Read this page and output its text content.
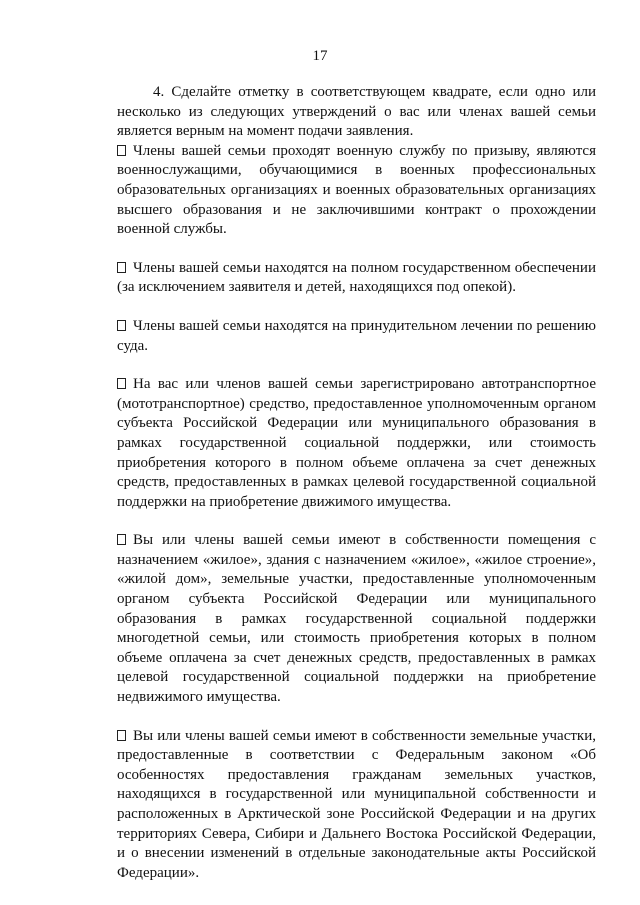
17

4. Сделайте отметку в соответствующем квадрате, если одно или несколько из следующих утверждений о вас или членах вашей семьи является верным на момент подачи заявления.

Члены вашей семьи проходят военную службу по призыву, являются военнослужащими, обучающимися в военных профессиональных образовательных организациях и военных образовательных организациях высшего образования и не заключившими контракт о прохождении военной службы.

Члены вашей семьи находятся на полном государственном обеспечении (за исключением заявителя и детей, находящихся под опекой).

Члены вашей семьи находятся на принудительном лечении по решению суда.

На вас или членов вашей семьи зарегистрировано автотранспортное (мототранспортное) средство, предоставленное уполномоченным органом субъекта Российской Федерации или муниципального образования в рамках государственной социальной поддержки, или стоимость приобретения которого в полном объеме оплачена за счет денежных средств, предоставленных в рамках целевой государственной социальной поддержки на приобретение движимого имущества.

Вы или члены вашей семьи имеют в собственности помещения с назначением «жилое», здания с назначением «жилое», «жилое строение», «жилой дом», земельные участки, предоставленные уполномоченным органом субъекта Российской Федерации или муниципального образования в рамках государственной социальной поддержки многодетной семьи, или стоимость приобретения которых в полном объеме оплачена за счет денежных средств, предоставленных в рамках целевой государственной социальной поддержки на приобретение недвижимого имущества.

Вы или члены вашей семьи имеют в собственности земельные участки, предоставленные в соответствии с Федеральным законом «Об особенностях предоставления гражданам земельных участков, находящихся в государственной или муниципальной собственности и расположенных в Арктической зоне Российской Федерации и на других территориях Севера, Сибири и Дальнего Востока Российской Федерации, и о внесении изменений в отдельные законодательные акты Российской Федерации».
